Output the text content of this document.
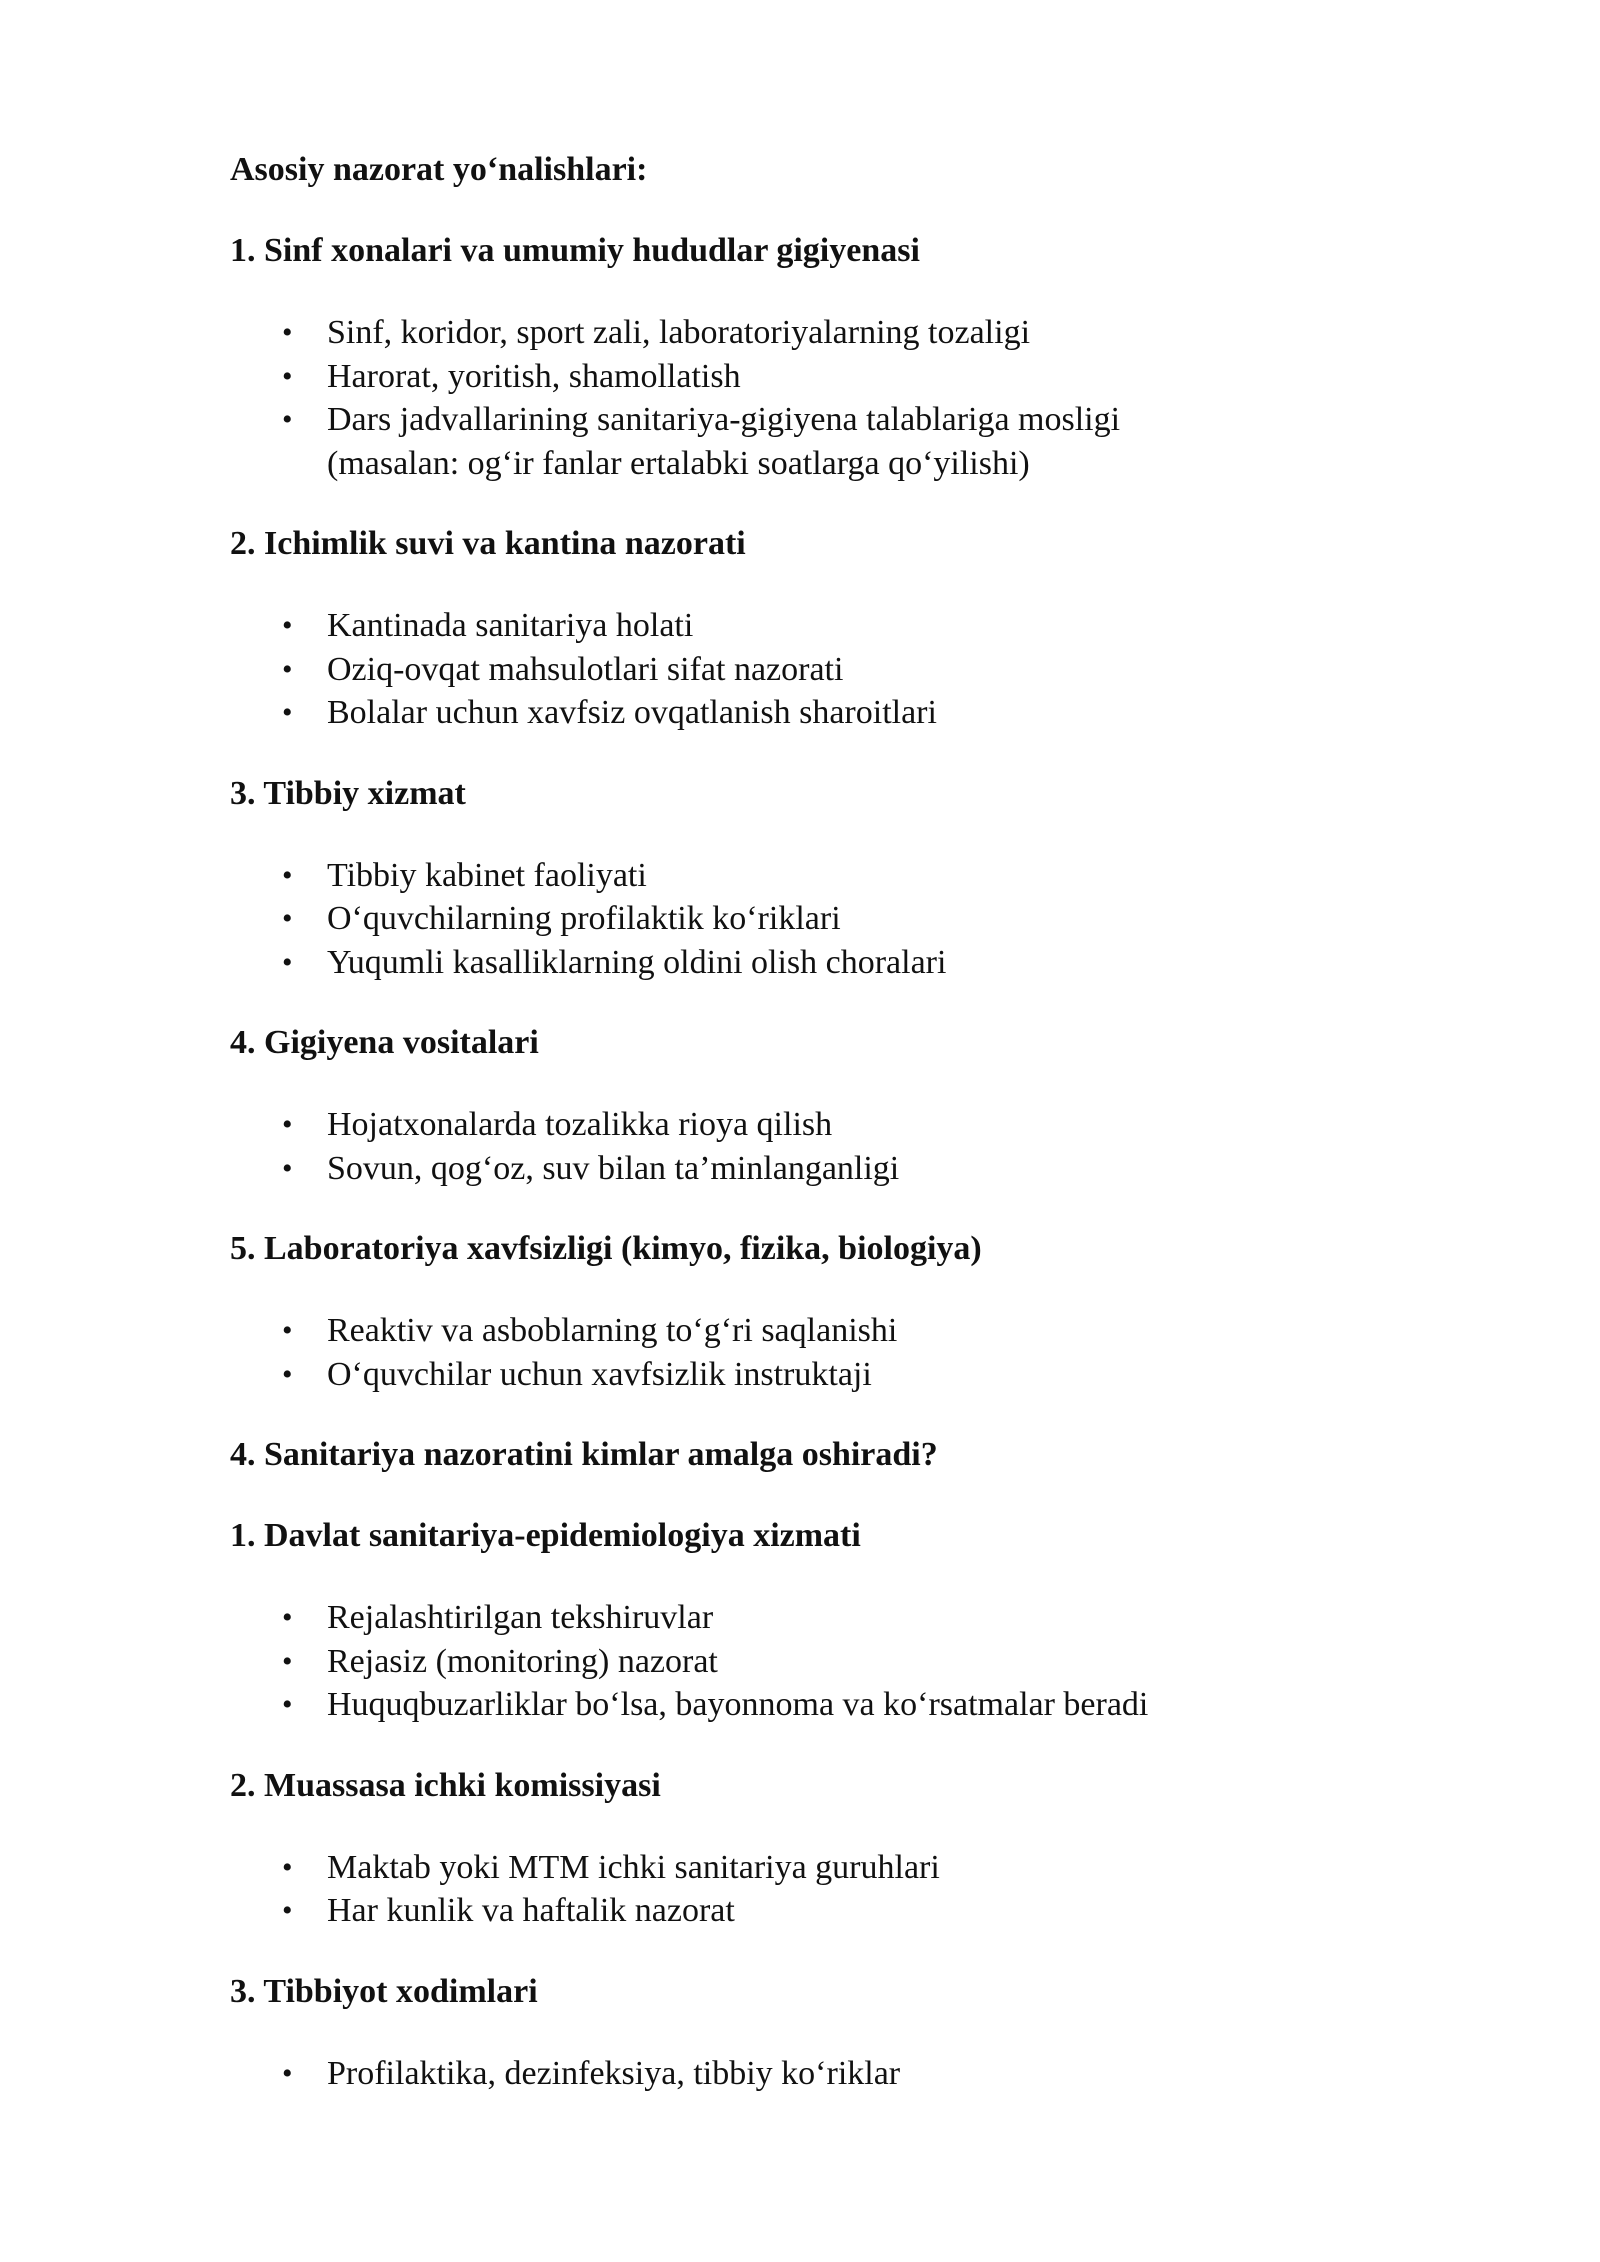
Asosiy nazorat yo‘nalishlari:

1. Sinf xonalari va umumiy hududlar gigiyenasi

• Sinf, koridor, sport zali, laboratoriyalarning tozaligi
• Harorat, yoritish, shamollatish
• Dars jadvallarining sanitariya-gigiyena talablariga mosligi
(masalan: og‘ir fanlar ertalabki soatlarga qo‘yilishi)

2. Ichimlik suvi va kantina nazorati

• Kantinada sanitariya holati
• Oziq-ovqat mahsulotlari sifat nazorati
• Bolalar uchun xavfsiz ovqatlanish sharoitlari

3. Tibbiy xizmat

• Tibbiy kabinet faoliyati
• O‘quvchilarning profilaktik ko‘riklari
• Yuqumli kasalliklarning oldini olish choralari

4. Gigiyena vositalari

• Hojatxonalarda tozalikka rioya qilish
• Sovun, qog‘oz, suv bilan ta’minlanganligi

5. Laboratoriya xavfsizligi (kimyo, fizika, biologiya)

• Reaktiv va asboblarning to‘g‘ri saqlanishi
• O‘quvchilar uchun xavfsizlik instruktaji

4. Sanitariya nazoratini kimlar amalga oshiradi?

1. Davlat sanitariya-epidemiologiya xizmati

• Rejalashtirilgan tekshiruvlar
• Rejasiz (monitoring) nazorat
• Huquqbuzarliklar bo‘lsa, bayonnoma va ko‘rsatmalar beradi

2. Muassasa ichki komissiyasi

• Maktab yoki MTM ichki sanitariya guruhlari
• Har kunlik va haftalik nazorat

3. Tibbiyot xodimlari

• Profilaktika, dezinfeksiya, tibbiy ko‘riklar
